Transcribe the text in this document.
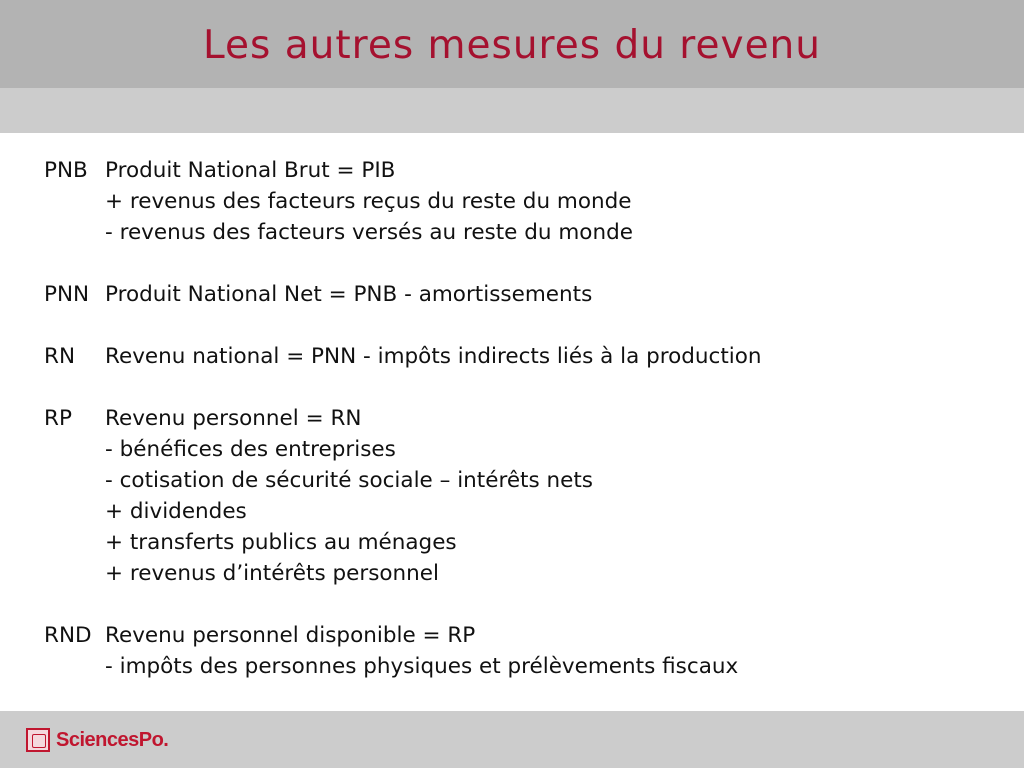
Les autres mesures du revenu
PNB Produit National Brut = PIB
+ revenus des facteurs reçus du reste du monde
- revenus des facteurs versés au reste du monde
PNN Produit National Net = PNB - amortissements
RN	Revenu national = PNN - impôts indirects liés à la production
RP	Revenu personnel = RN
- bénéfices des entreprises
- cotisation de sécurité sociale – intérêts nets
+ dividendes
+ transferts publics au ménages
+ revenus d’intérêts personnel
RND Revenu personnel disponible = RP
- impôts des personnes physiques et prélèvements fiscaux
SciencesPo.
